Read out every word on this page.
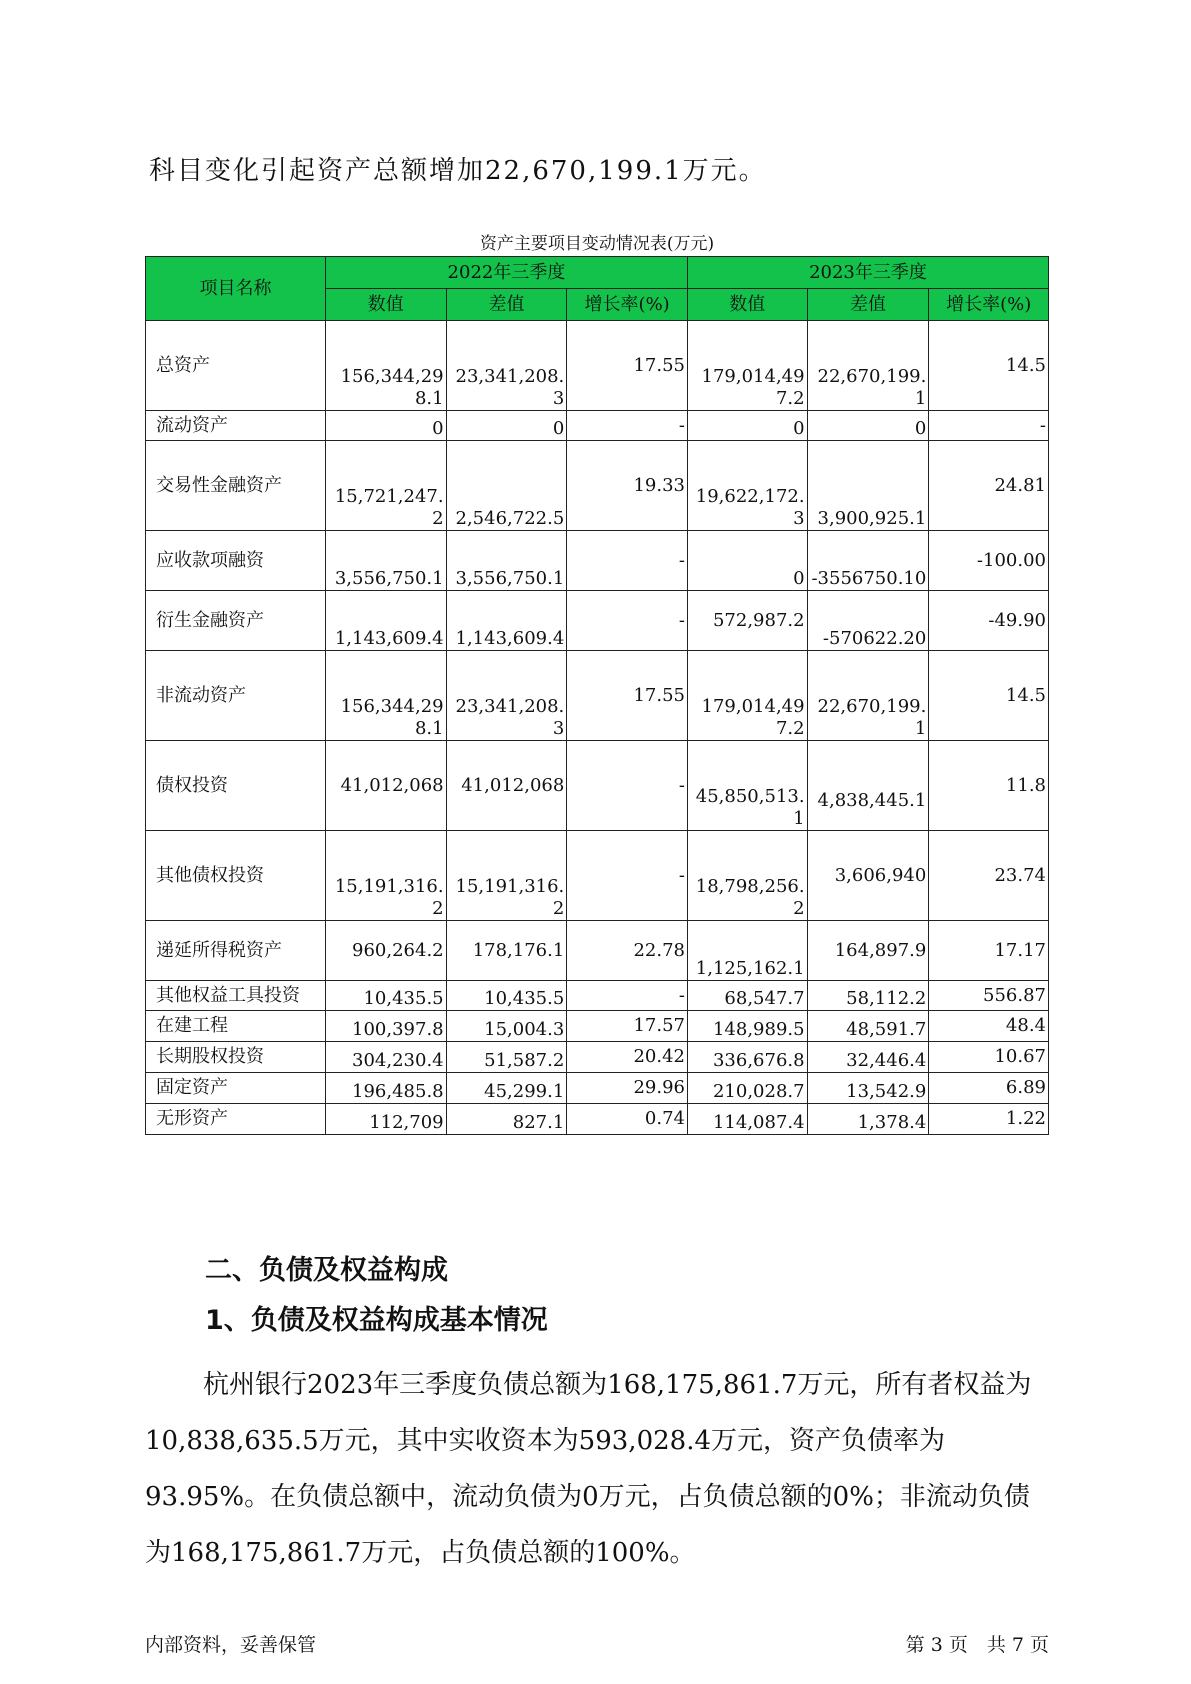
科目变化引起资产总额增加22,670,199.1万元。
资产主要项目变动情况表(万元)
项目名称	2022年三季度			2023年三季度		
	数值	差值	增长率(%)	数值	差值	增长率(%)
总资产	156,344,298.1	23,341,208.3	17.55	179,014,497.2	22,670,199.1	14.5
流动资产	0	0	-	0	0	-
交易性金融资产	15,721,247.2	2,546,722.5	19.33	19,622,172.3	3,900,925.1	24.81
应收款项融资	3,556,750.1	3,556,750.1	-	0	-3556750.10	-100.00
衍生金融资产	1,143,609.4	1,143,609.4	-	572,987.2	-570622.20	-49.90
非流动资产	156,344,298.1	23,341,208.3	17.55	179,014,497.2	22,670,199.1	14.5
债权投资	41,012,068	41,012,068	-	45,850,513.1	4,838,445.1	11.8
其他债权投资	15,191,316.2	15,191,316.2	-	18,798,256.2	3,606,940	23.74
递延所得税资产	960,264.2	178,176.1	22.78	1,125,162.1	164,897.9	17.17
其他权益工具投资	10,435.5	10,435.5	-	68,547.7	58,112.2	556.87
在建工程	100,397.8	15,004.3	17.57	148,989.5	48,591.7	48.4
长期股权投资	304,230.4	51,587.2	20.42	336,676.8	32,446.4	10.67
固定资产	196,485.8	45,299.1	29.96	210,028.7	13,542.9	6.89
无形资产	112,709	827.1	0.74	114,087.4	1,378.4	1.22
二、负债及权益构成
1、负债及权益构成基本情况

杭州银行2023年三季度负债总额为168,175,861.7万元，所有者权益为10,838,635.5万元，其中实收资本为593,028.4万元，资产负债率为93.95%。在负债总额中，流动负债为0万元，占负债总额的0%；非流动负债为168,175,861.7万元，占负债总额的100%。

内部资料，妥善保管	第 3 页　共 7 页
